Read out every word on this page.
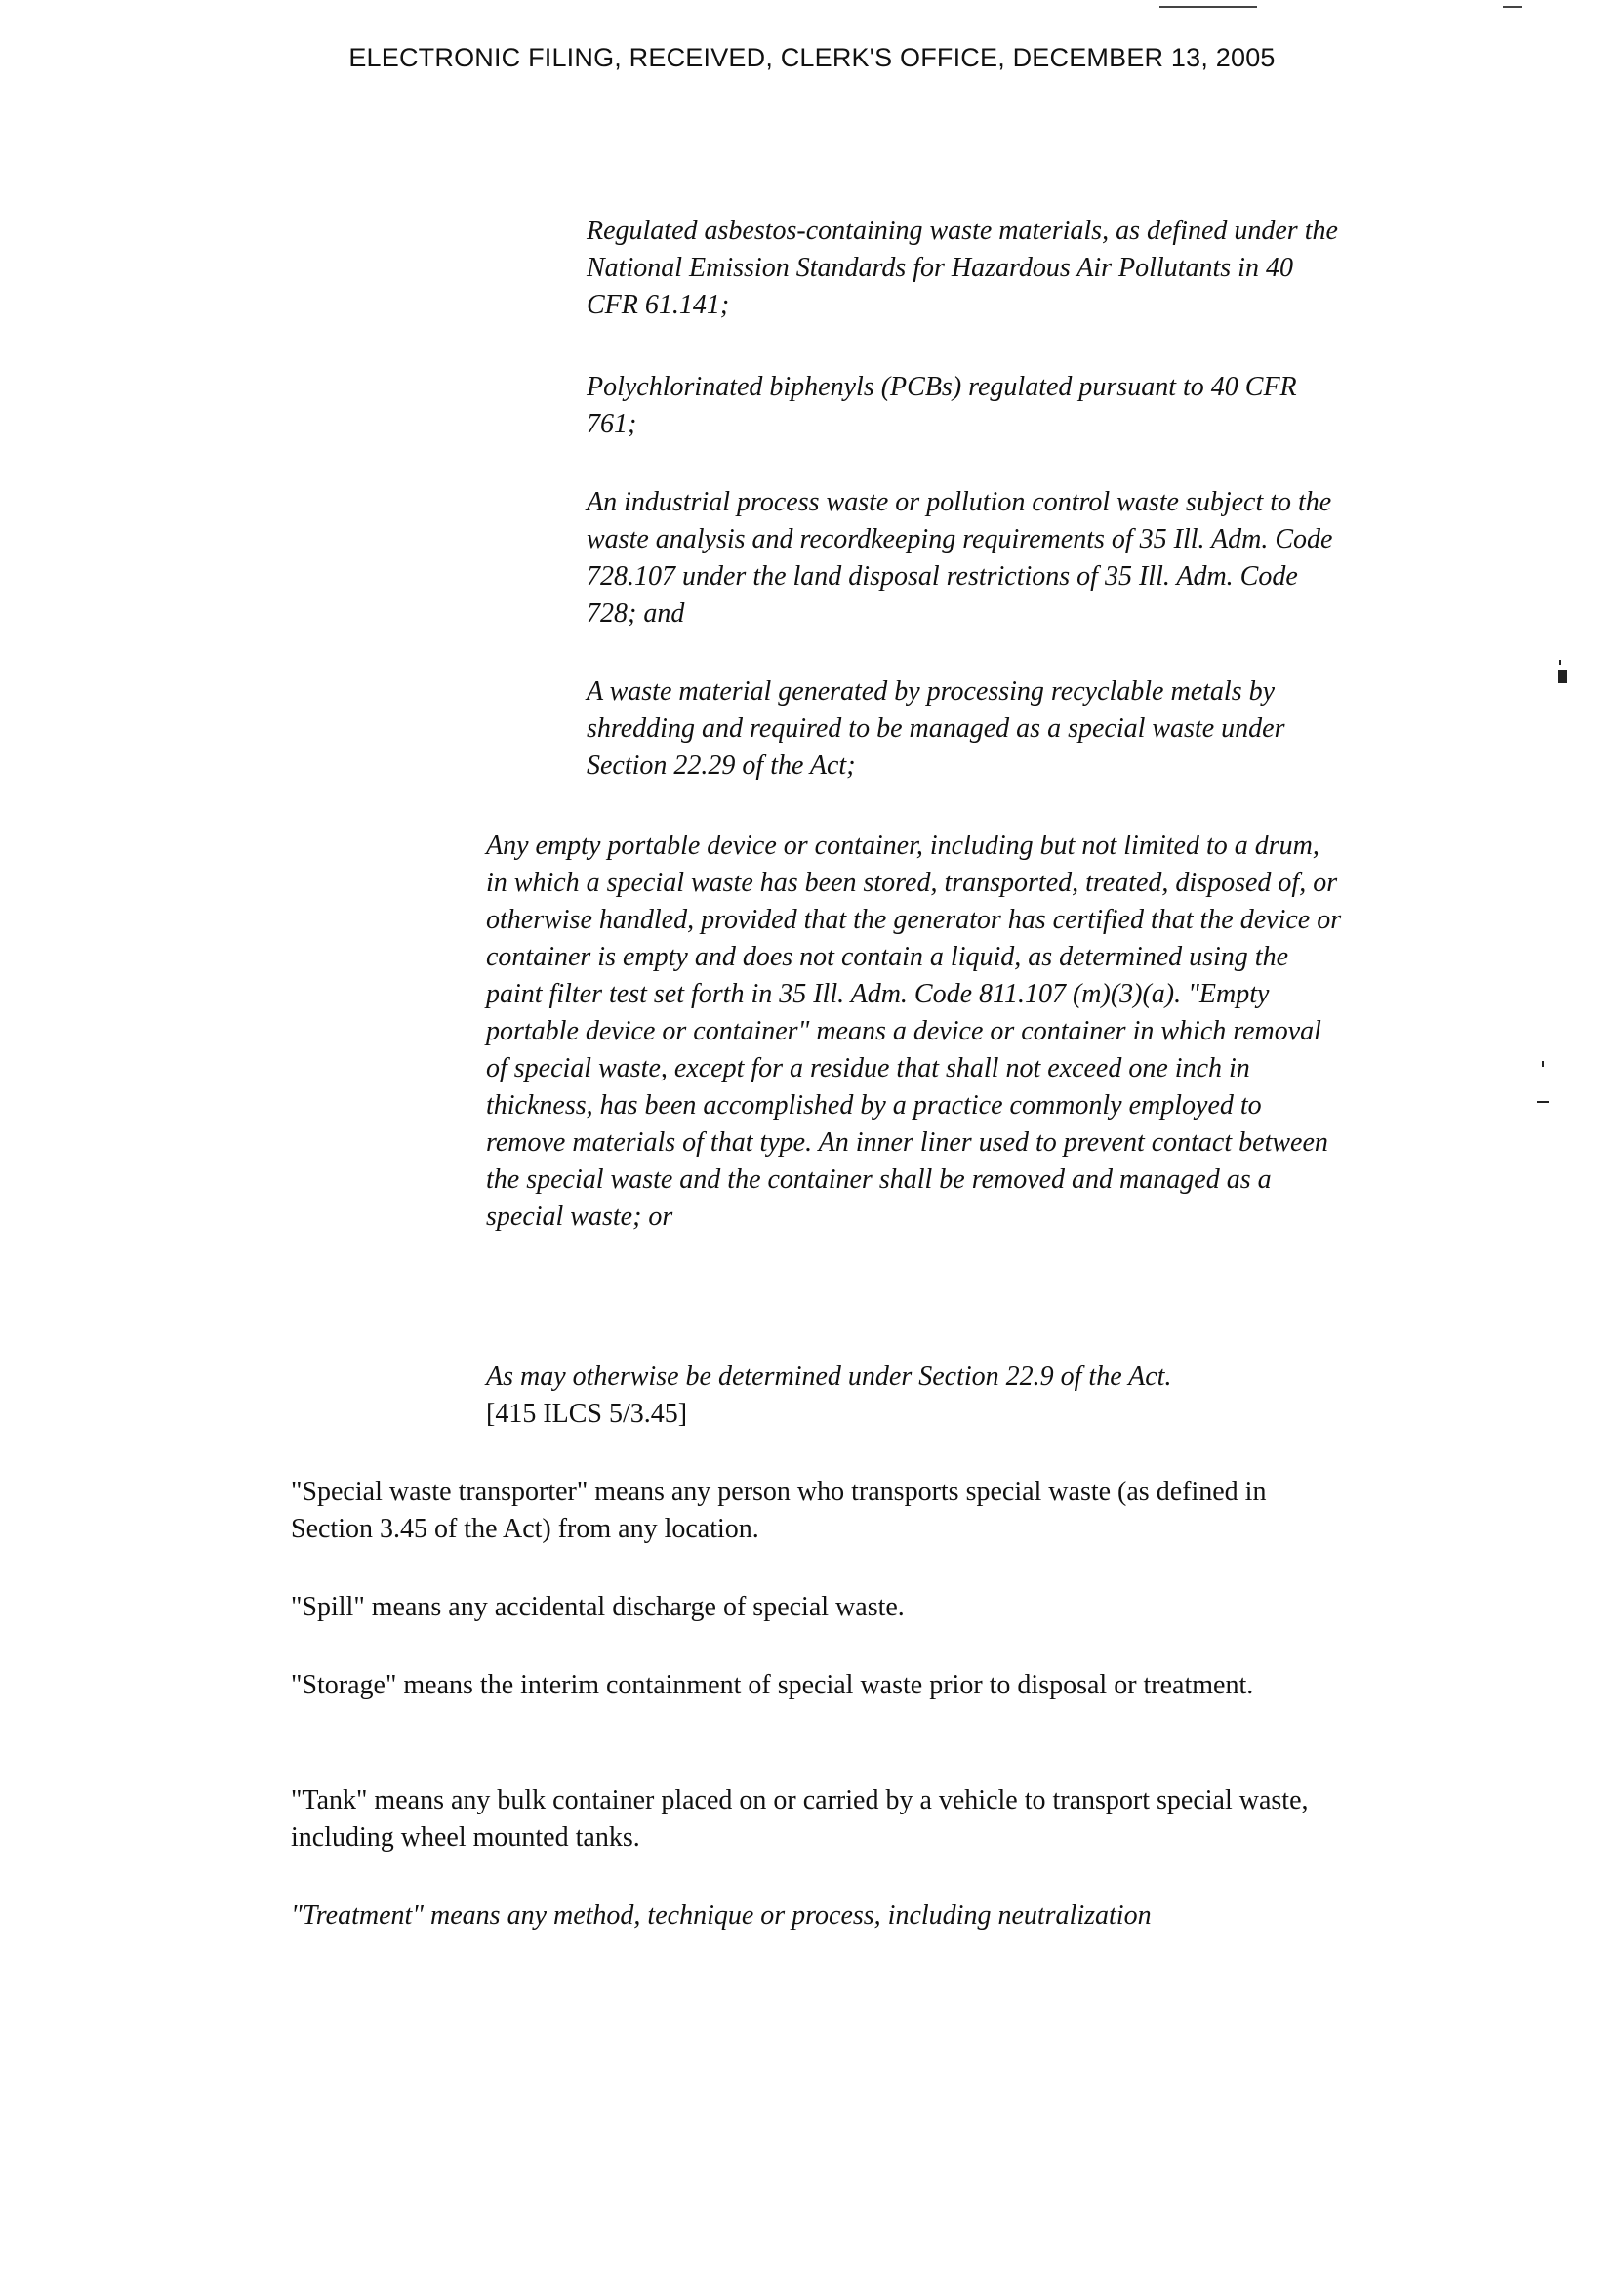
ELECTRONIC FILING, RECEIVED, CLERK'S OFFICE, DECEMBER 13, 2005

Regulated asbestos-containing waste materials, as defined under the National Emission Standards for Hazardous Air Pollutants in 40 CFR 61.141;

Polychlorinated biphenyls (PCBs) regulated pursuant to 40 CFR 761;

An industrial process waste or pollution control waste subject to the waste analysis and recordkeeping requirements of 35 Ill. Adm. Code 728.107 under the land disposal restrictions of 35 Ill. Adm. Code 728; and

A waste material generated by processing recyclable metals by shredding and required to be managed as a special waste under Section 22.29 of the Act;

Any empty portable device or container, including but not limited to a drum, in which a special waste has been stored, transported, treated, disposed of, or otherwise handled, provided that the generator has certified that the device or container is empty and does not contain a liquid, as determined using the paint filter test set forth in 35 Ill. Adm. Code 811.107 (m)(3)(a). "Empty portable device or container" means a device or container in which removal of special waste, except for a residue that shall not exceed one inch in thickness, has been accomplished by a practice commonly employed to remove materials of that type. An inner liner used to prevent contact between the special waste and the container shall be removed and managed as a special waste; or

As may otherwise be determined under Section 22.9 of the Act.
[415 ILCS 5/3.45]

"Special waste transporter" means any person who transports special waste (as defined in Section 3.45 of the Act) from any location.

"Spill" means any accidental discharge of special waste.

"Storage" means the interim containment of special waste prior to disposal or treatment.

"Tank" means any bulk container placed on or carried by a vehicle to transport special waste, including wheel mounted tanks.

"Treatment" means any method, technique or process, including neutralization
